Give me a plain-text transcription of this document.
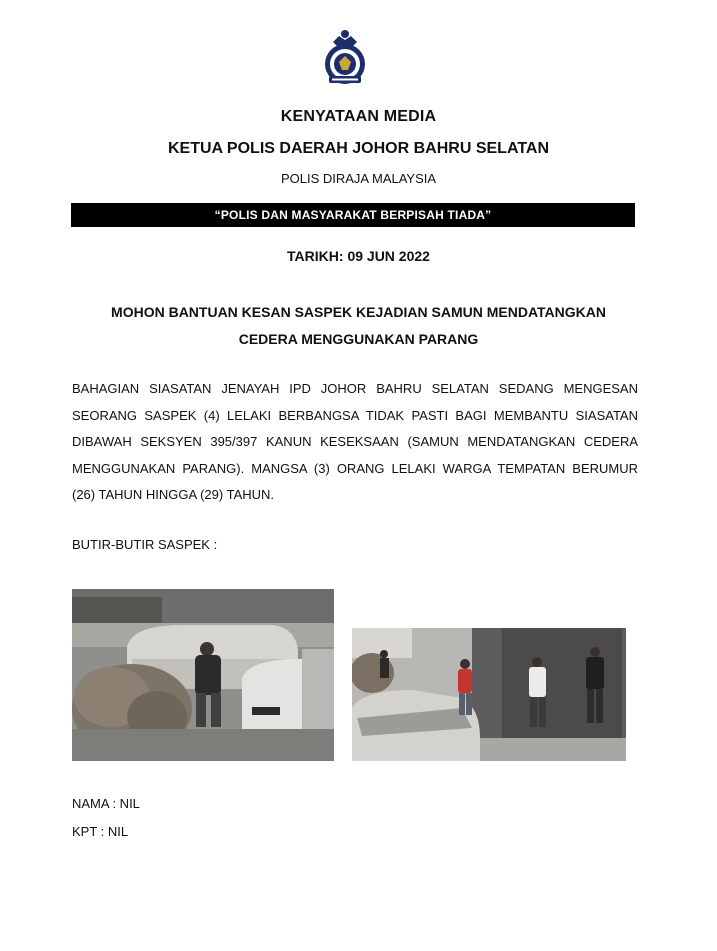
KENYATAAN MEDIA
KETUA POLIS DAERAH JOHOR BAHRU SELATAN
POLIS DIRAJA MALAYSIA
“POLIS DAN MASYARAKAT BERPISAH TIADA”
TARIKH: 09 JUN 2022
MOHON BANTUAN KESAN SASPEK KEJADIAN SAMUN MENDATANGKAN
CEDERA MENGGUNAKAN PARANG
BAHAGIAN SIASATAN JENAYAH IPD JOHOR BAHRU SELATAN SEDANG MENGESAN
SEORANG SASPEK (4) LELAKI BERBANGSA TIDAK PASTI BAGI MEMBANTU SIASATAN
DIBAWAH SEKSYEN 395/397 KANUN KESEKSAAN (SAMUN MENDATANGKAN CEDERA
MENGGUNAKAN PARANG). MANGSA (3) ORANG LELAKI WARGA TEMPATAN BERUMUR
(26) TAHUN HINGGA (29) TAHUN.
BUTIR-BUTIR SASPEK :
NAMA : NIL
KPT : NIL
